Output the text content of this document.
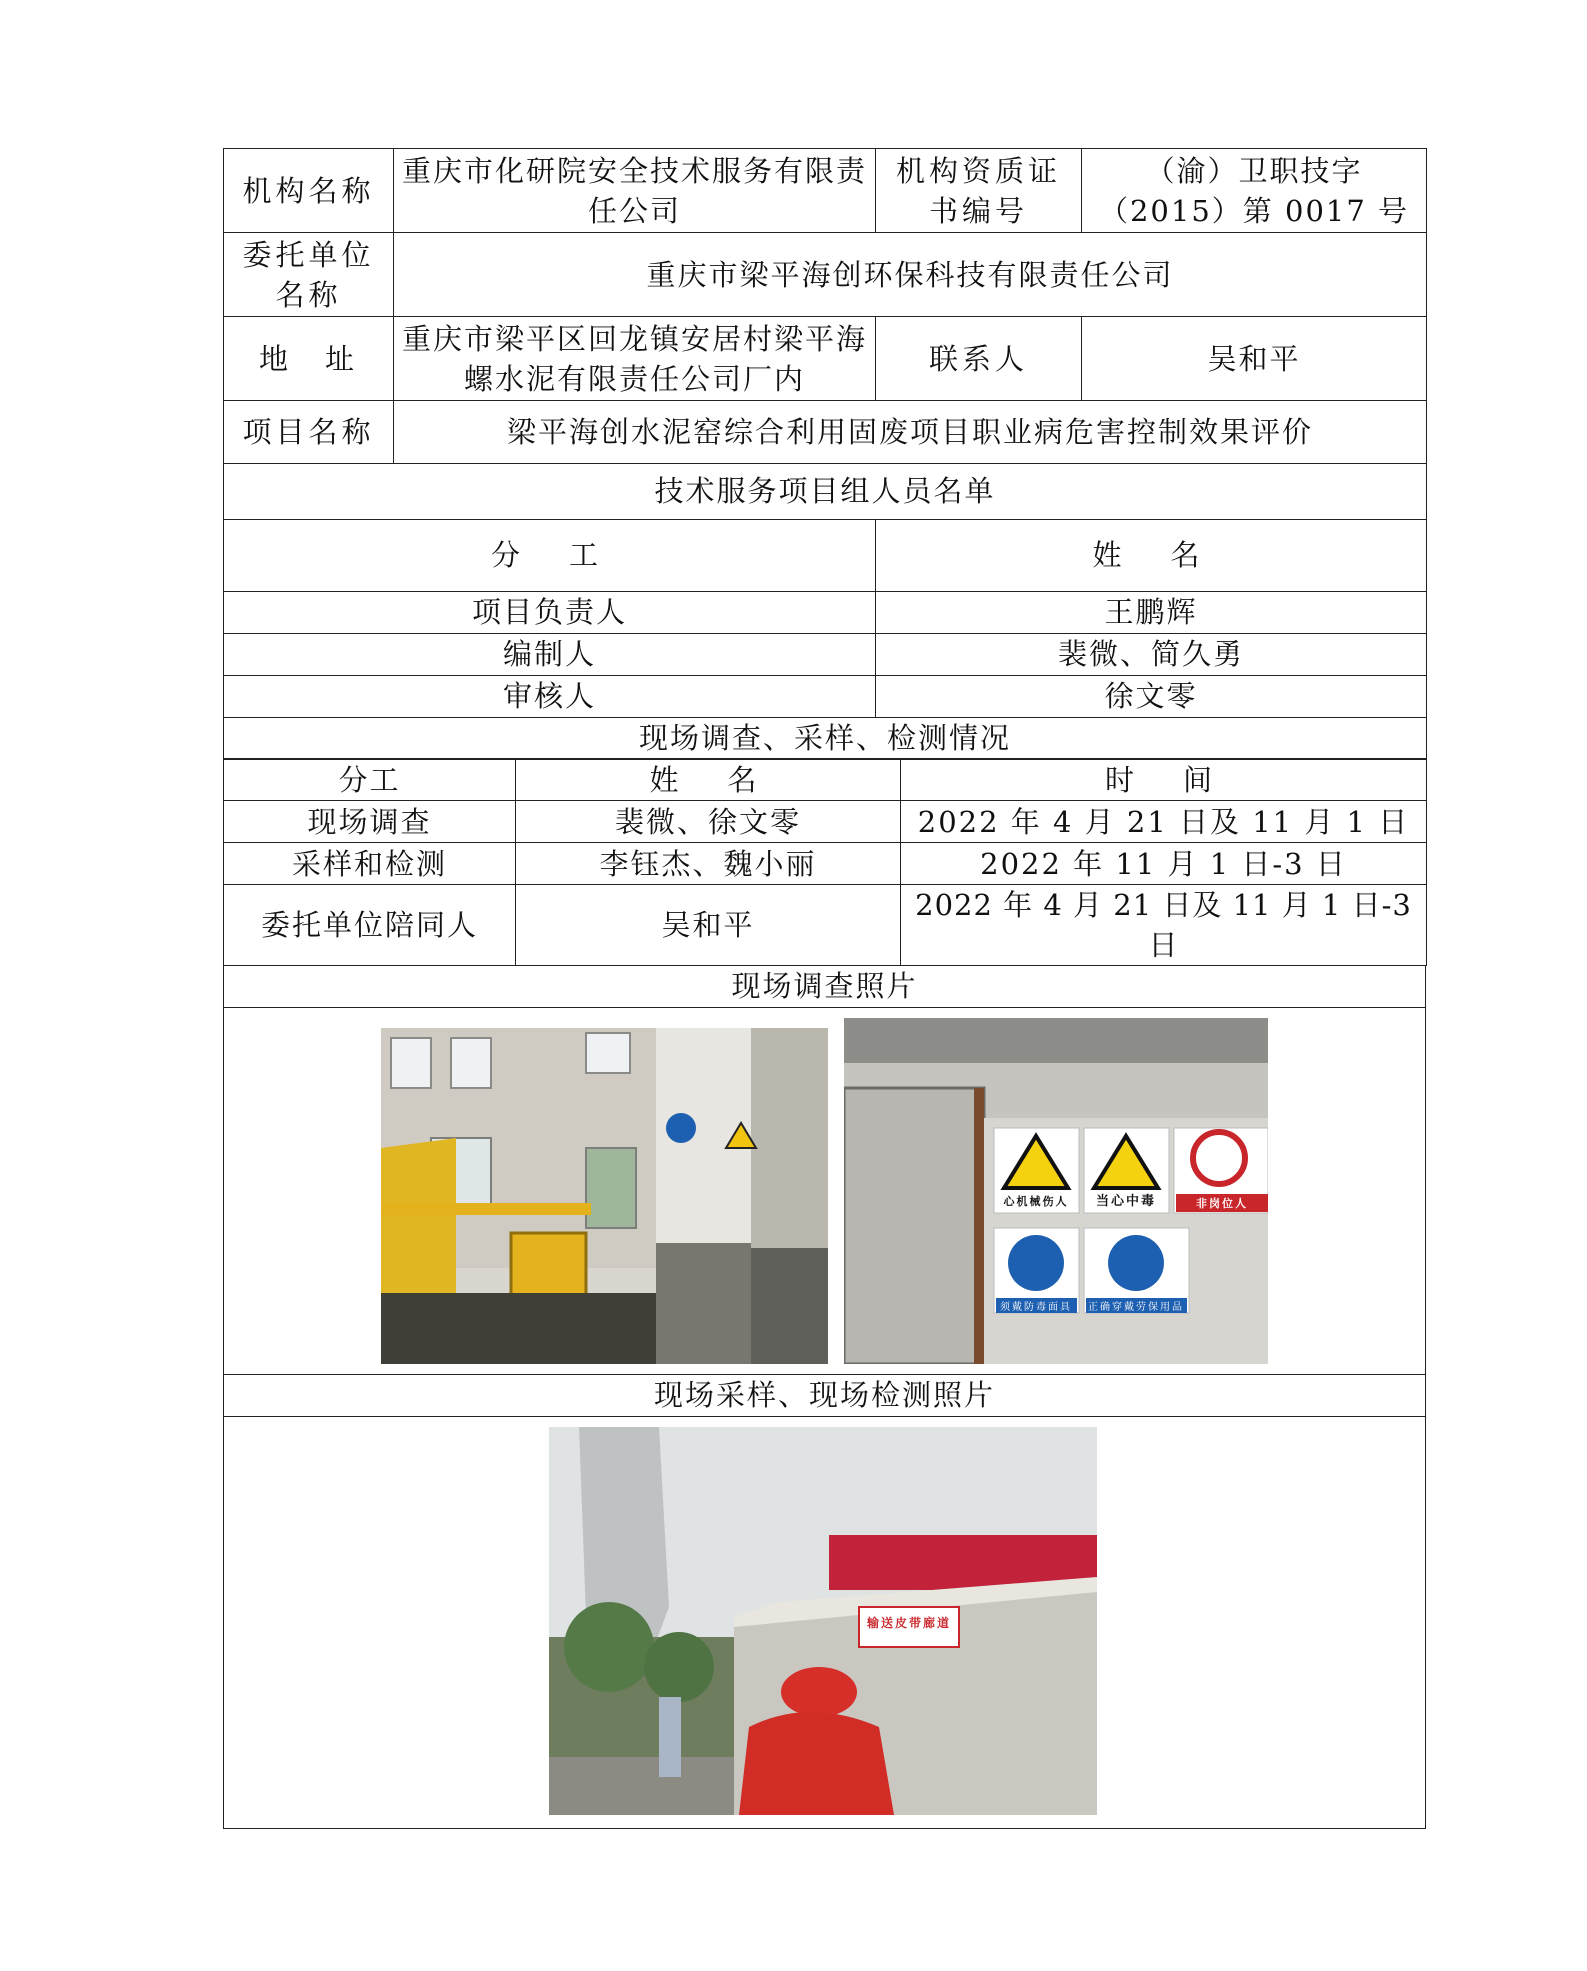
机构名称	重庆市化研院安全技术服务有限责任公司	机构资质证书编号	（渝）卫职技字（2015）第 0017 号
委托单位名称	重庆市梁平海创环保科技有限责任公司		
地　址	重庆市梁平区回龙镇安居村梁平海螺水泥有限责任公司厂内	联系人	吴和平
项目名称	梁平海创水泥窑综合利用固废项目职业病危害控制效果评价		
技术服务项目组人员名单	
分　工	姓　名
项目负责人	王鹏辉
编制人	裴微、简久勇
审核人	徐文零
现场调查、采样、检测情况	
分工	姓　名	时　间
现场调查	裴微、徐文零	2022 年 4 月 21 日及 11 月 1 日
采样和检测	李钰杰、魏小丽	2022 年 11 月 1 日-3 日
委托单位陪同人	吴和平	2022 年 4 月 21 日及 11 月 1 日-3 日
现场调查照片

心机械伤人 当心中毒	非岗位人
须戴防毒面具 正确穿戴劳保用品

现场采样、现场检测照片

输送皮带廊道
